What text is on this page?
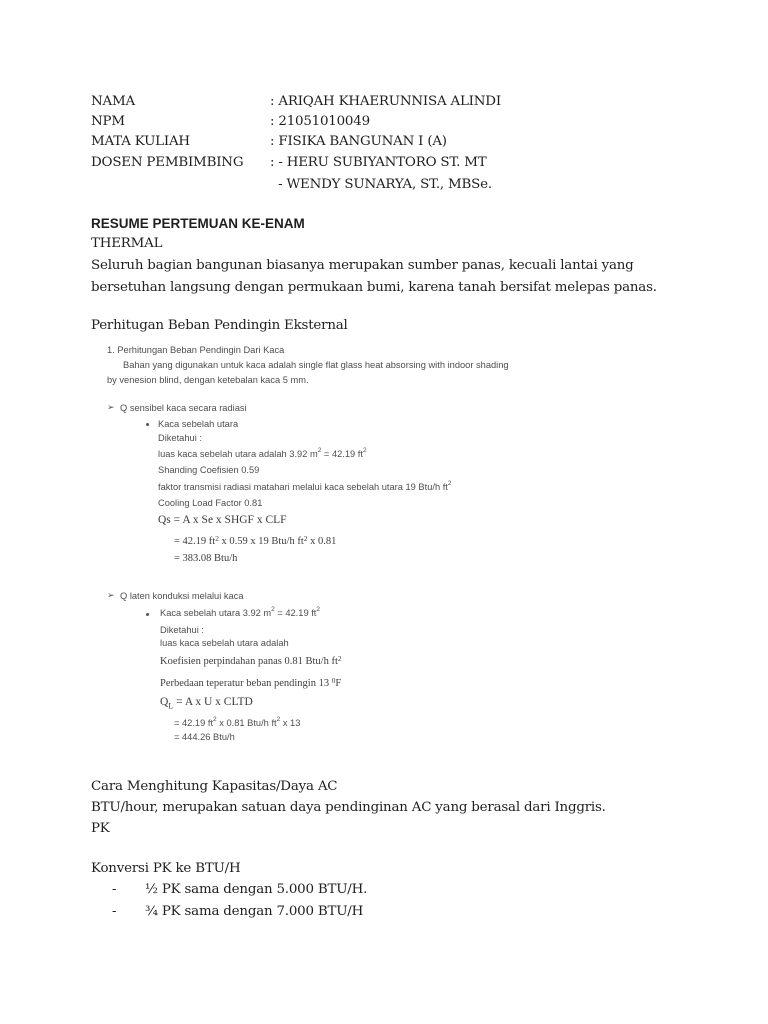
NAMA	: ARIQAH KHAERUNNISA ALINDI
NPM	: 21051010049
MATA KULIAH	: FISIKA BANGUNAN I (A)
DOSEN PEMBIMBING : - HERU SUBIYANTORO ST. MT
- WENDY SUNARYA, ST., MBSe.
RESUME PERTEMUAN KE-ENAM
THERMAL
Seluruh bagian bangunan biasanya merupakan sumber panas, kecuali lantai yang bersetuhan langsung dengan permukaan bumi, karena tanah bersifat melepas panas.
Perhitugan Beban Pendingin Eksternal
1. Perhitungan Beban Pendingin Dari Kaca
Bahan yang digunakan untuk kaca adalah single flat glass heat absorsing with indoor shading
by venesion blind, dengan ketebalan kaca 5 mm.
➢ Q sensibel kaca secara radiasi
Kaca sebelah utara
Diketahui :
luas kaca sebelah utara adalah 3.92 $m^2 = 42.19$ $ft^2$
Shanding Coefisien 0.59
faktor transmisi radiasi matahari melalui kaca sebelah utara 19 Btu/h $ft^2$
Cooling Load Factor 0.81
Qs = A x Se x SHGF x CLF
= 42.19 $ft^2$ x 0.59 x 19 Btu/h $ft^2$ x 0.81
= 383.08 Btu/h
➢ Q laten konduksi melalui kaca
Kaca sebelah utara 3.92 $m^2 = 42.19$ $ft^2$
Diketahui :
luas kaca sebelah utara adalah
Koefisien perpindahan panas 0.81 Btu/h $ft^2$
Perbedaan teperatur beban pendingin 13 $^0$F
$Q_L = A$ x U x CLTD
= 42.19 $ft^2$ x 0.81 Btu/h $ft^2$ x 13
= 444.26 Btu/h
Cara Menghitung Kapasitas/Daya AC
BTU/hour, merupakan satuan daya pendinginan AC yang berasal dari Inggris.
PK
Konversi PK ke BTU/H
- ½ PK sama dengan 5.000 BTU/H.
- ¾ PK sama dengan 7.000 BTU/H
